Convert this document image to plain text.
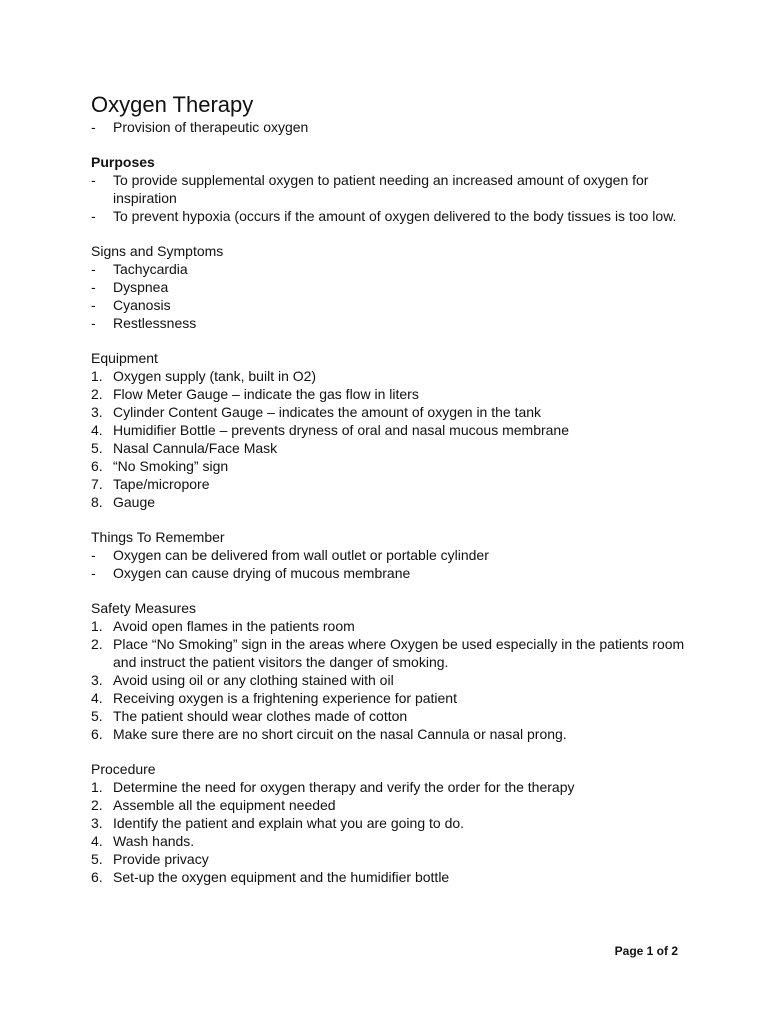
Oxygen Therapy
-	Provision of therapeutic oxygen
Purposes
-	To provide supplemental oxygen to patient needing an increased amount of oxygen for inspiration
-	To prevent hypoxia (occurs if the amount of oxygen delivered to the body tissues is too low.
Signs and Symptoms
-	Tachycardia
-	Dyspnea
-	Cyanosis
-	Restlessness
Equipment
1. Oxygen supply (tank, built in O2)
2. Flow Meter Gauge – indicate the gas flow in liters
3. Cylinder Content Gauge – indicates the amount of oxygen in the tank
4. Humidifier Bottle – prevents dryness of oral and nasal mucous membrane
5. Nasal Cannula/Face Mask
6. “No Smoking” sign
7. Tape/micropore
8. Gauge
Things To Remember
-	Oxygen can be delivered from wall outlet or portable cylinder
-	Oxygen can cause drying of mucous membrane
Safety Measures
1. Avoid open flames in the patients room
2. Place “No Smoking” sign in the areas where Oxygen be used especially in the patients room and instruct the patient visitors the danger of smoking.
3. Avoid using oil or any clothing stained with oil
4. Receiving oxygen is a frightening experience for patient
5. The patient should wear clothes made of cotton
6. Make sure there are no short circuit on the nasal Cannula or nasal prong.
Procedure
1. Determine the need for oxygen therapy and verify the order for the therapy
2. Assemble all the equipment needed
3. Identify the patient and explain what you are going to do.
4. Wash hands.
5. Provide privacy
6. Set-up the oxygen equipment and the humidifier bottle
Page 1 of 2
